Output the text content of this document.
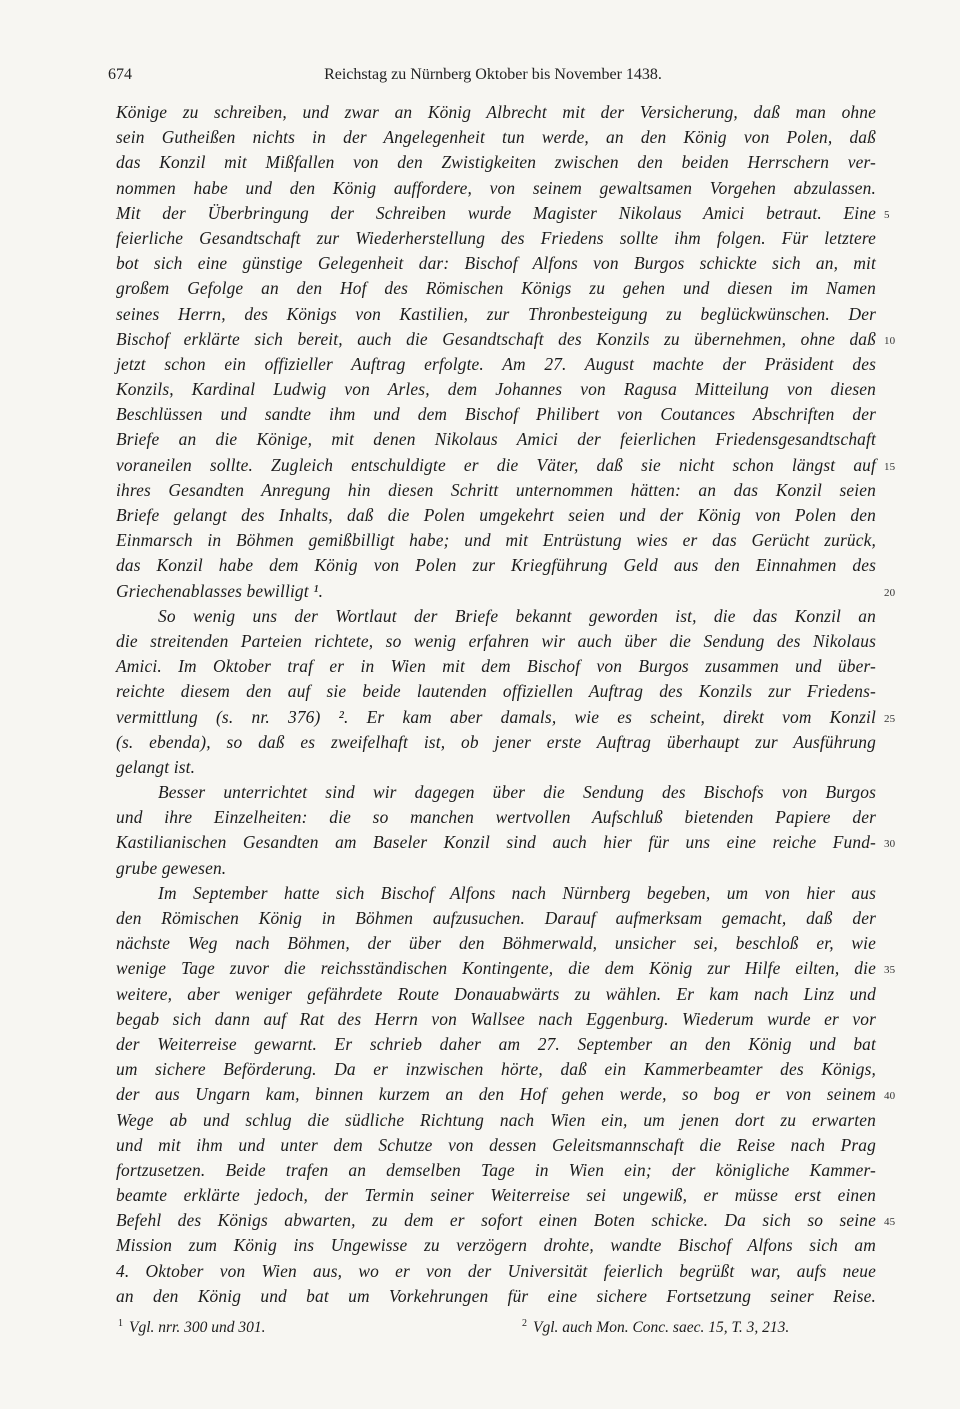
674	Reichstag zu Nürnberg Oktober bis November 1438.
Könige zu schreiben, und zwar an König Albrecht mit der Versicherung, daß man ohne
sein Gutheißen nichts in der Angelegenheit tun werde, an den König von Polen, daß
das Konzil mit Mißfallen von den Zwistigkeiten zwischen den beiden Herrschern ver-
nommen habe und den König auffordere, von seinem gewaltsamen Vorgehen abzulassen.
Mit der Überbringung der Schreiben wurde Magister Nikolaus Amici betraut. Eine 5
feierliche Gesandtschaft zur Wiederherstellung des Friedens sollte ihm folgen. Für letztere
bot sich eine günstige Gelegenheit dar: Bischof Alfons von Burgos schickte sich an, mit
großem Gefolge an den Hof des Römischen Königs zu gehen und diesen im Namen
seines Herrn, des Königs von Kastilien, zur Thronbesteigung zu beglückwünschen. Der
Bischof erklärte sich bereit, auch die Gesandtschaft des Konzils zu übernehmen, ohne daß 10
jetzt schon ein offizieller Auftrag erfolgte. Am 27. August machte der Präsident des
Konzils, Kardinal Ludwig von Arles, dem Johannes von Ragusa Mitteilung von diesen
Beschlüssen und sandte ihm und dem Bischof Philibert von Coutances Abschriften der
Briefe an die Könige, mit denen Nikolaus Amici der feierlichen Friedensgesandtschaft
voraneilen sollte. Zugleich entschuldigte er die Väter, daß sie nicht schon längst auf 15
ihres Gesandten Anregung hin diesen Schritt unternommen hätten: an das Konzil seien
Briefe gelangt des Inhalts, daß die Polen umgekehrt seien und der König von Polen den
Einmarsch in Böhmen gemißbilligt habe; und mit Entrüstung wies er das Gerücht zurück,
das Konzil habe dem König von Polen zur Kriegführung Geld aus den Einnahmen des
Griechenablasses bewilligt ¹.	20
So wenig uns der Wortlaut der Briefe bekannt geworden ist, die das Konzil an
die streitenden Parteien richtete, so wenig erfahren wir auch über die Sendung des Nikolaus
Amici. Im Oktober traf er in Wien mit dem Bischof von Burgos zusammen und über-
reichte diesem den auf sie beide lautenden offiziellen Auftrag des Konzils zur Friedens-
vermittlung (s. nr. 376) ². Er kam aber damals, wie es scheint, direkt vom Konzil 25
(s. ebenda), so daß es zweifelhaft ist, ob jener erste Auftrag überhaupt zur Ausführung
gelangt ist.
Besser unterrichtet sind wir dagegen über die Sendung des Bischofs von Burgos
und ihre Einzelheiten: die so manchen wertvollen Aufschluß bietenden Papiere der
Kastilianischen Gesandten am Baseler Konzil sind auch hier für uns eine reiche Fund- 30
grube gewesen.
Im September hatte sich Bischof Alfons nach Nürnberg begeben, um von hier aus
den Römischen König in Böhmen aufzusuchen. Darauf aufmerksam gemacht, daß der
nächste Weg nach Böhmen, der über den Böhmerwald, unsicher sei, beschloß er, wie
wenige Tage zuvor die reichsständischen Kontingente, die dem König zur Hilfe eilten, die 35
weitere, aber weniger gefährdete Route Donauabwärts zu wählen. Er kam nach Linz und
begab sich dann auf Rat des Herrn von Wallsee nach Eggenburg. Wiederum wurde er vor
der Weiterreise gewarnt. Er schrieb daher am 27. September an den König und bat
um sichere Beförderung. Da er inzwischen hörte, daß ein Kammerbeamter des Königs,
der aus Ungarn kam, binnen kurzem an den Hof gehen werde, so bog er von seinem 40
Wege ab und schlug die südliche Richtung nach Wien ein, um jenen dort zu erwarten
und mit ihm und unter dem Schutze von dessen Geleitsmannschaft die Reise nach Prag
fortzusetzen. Beide trafen an demselben Tage in Wien ein; der königliche Kammer-
beamte erklärte jedoch, der Termin seiner Weiterreise sei ungewiß, er müsse erst einen
Befehl des Königs abwarten, zu dem er sofort einen Boten schicke. Da sich so seine 45
Mission zum König ins Ungewisse zu verzögern drohte, wandte Bischof Alfons sich am
4. Oktober von Wien aus, wo er von der Universität feierlich begrüßt war, aufs neue
an den König und bat um Vorkehrungen für eine sichere Fortsetzung seiner Reise.
$^1$ Vgl. nrr. 300 und 301.	$^2$ Vgl. auch Mon. Conc. saec. 15, T. 3, 213.
